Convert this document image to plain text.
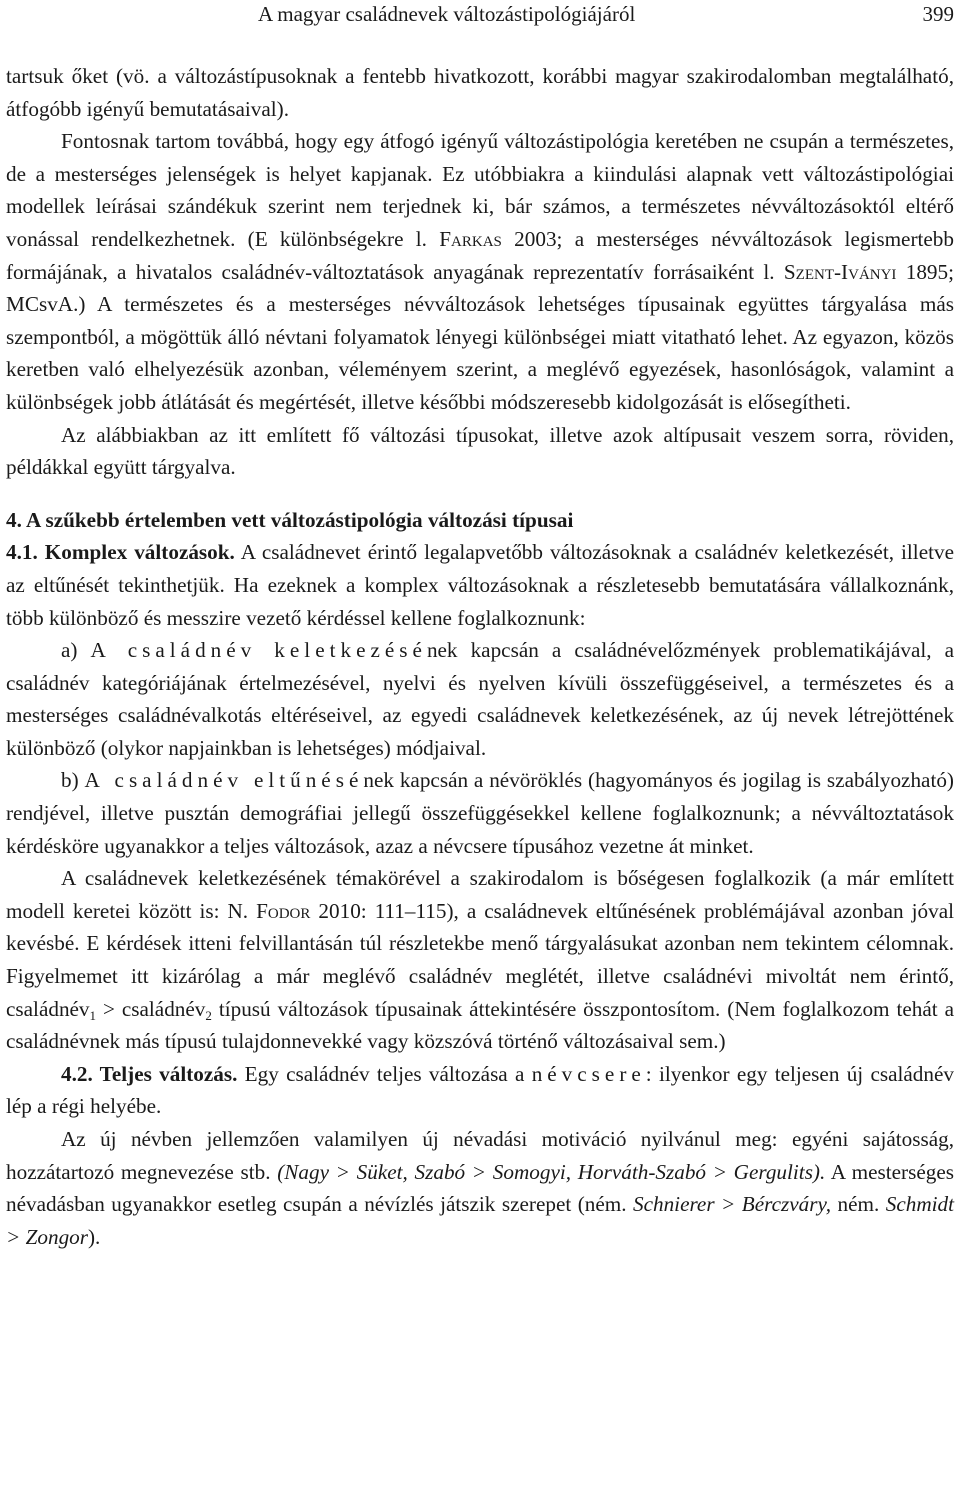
A magyar családnevek változástipológiájáról	399

tartsuk őket (vö. a változástípusoknak a fentebb hivatkozott, korábbi magyar szakirodalomban megtalálható, átfogóbb igényű bemutatásaival).

Fontosnak tartom továbbá, hogy egy átfogó igényű változástipológia keretében ne csupán a természetes, de a mesterséges jelenségek is helyet kapjanak. Ez utóbbiakra a kiindulási alapnak vett változástipológiai modellek leírásai szándékuk szerint nem terjednek ki, bár számos, a természetes névváltozásoktól eltérő vonással rendelkezhetnek. (E különbségekre l. Farkas 2003; a mesterséges névváltozások legismertebb formájának, a hivatalos családnév-változtatások anyagának reprezentatív forrásaiként l. Szent-Iványi 1895; MCsvA.) A természetes és a mesterséges névváltozások lehetséges típusainak együttes tárgyalása más szempontból, a mögöttük álló névtani folyamatok lényegi különbségei miatt vitatható lehet. Az egyazon, közös keretben való elhelyezésük azonban, véleményem szerint, a meglévő egyezések, hasonlóságok, valamint a különbségek jobb átlátását és megértését, illetve későbbi módszeresebb kidolgozását is elősegítheti.

Az alábbiakban az itt említett fő változási típusokat, illetve azok altípusait veszem sorra, röviden, példákkal együtt tárgyalva.

4. A szűkebb értelemben vett változástipológia változási típusai

4.1. Komplex változások. A családnevet érintő legalapvetőbb változásoknak a családnév keletkezését, illetve az eltűnését tekinthetjük. Ha ezeknek a komplex változásoknak a részletesebb bemutatására vállalkoznánk, több különböző és messzire vezető kérdéssel kellene foglalkoznunk:

a) A családnév keletkezésének kapcsán a családnévelőzmények problematikájával, a családnév kategóriájának értelmezésével, nyelvi és nyelven kívüli összefüggéseivel, a természetes és a mesterséges családnévalkotás eltéréseivel, az egyedi családnevek keletkezésének, az új nevek létrejöttének különböző (olykor napjainkban is lehetséges) módjaival.

b) A családnév eltűnésének kapcsán a névöröklés (hagyományos és jogilag is szabályozható) rendjével, illetve pusztán demográfiai jellegű összefüggésekkel kellene foglalkoznunk; a névváltoztatások kérdésköre ugyanakkor a teljes változások, azaz a névcsere típusához vezetne át minket.

A családnevek keletkezésének témakörével a szakirodalom is bőségesen foglalkozik (a már említett modell keretei között is: N. Fodor 2010: 111–115), a családnevek eltűnésének problémájával azonban jóval kevésbé. E kérdések itteni felvillantásán túl részletekbe menő tárgyalásukat azonban nem tekintem célomnak. Figyelmemet itt kizárólag a már meglévő családnév meglétét, illetve családnévi mivoltát nem érintő, családnév$_1$ > családnév$_2$ típusú változások típusainak áttekintésére összpontosítom. (Nem foglalkozom tehát a családnévnek más típusú tulajdonnevekké vagy közszóvá történő változásaival sem.)

4.2. Teljes változás. Egy családnév teljes változása a névcsere: ilyenkor egy teljesen új családnév lép a régi helyébe.

Az új névben jellemzően valamilyen új névadási motiváció nyilvánul meg: egyéni sajátosság, hozzátartozó megnevezése stb. (Nagy > Süket, Szabó > Somogyi, Horváth-Szabó > Gergulits). A mesterséges névadásban ugyanakkor esetleg csupán a névízlés játszik szerepet (ném. Schnierer > Bérczváry, ném. Schmidt > Zongor).
